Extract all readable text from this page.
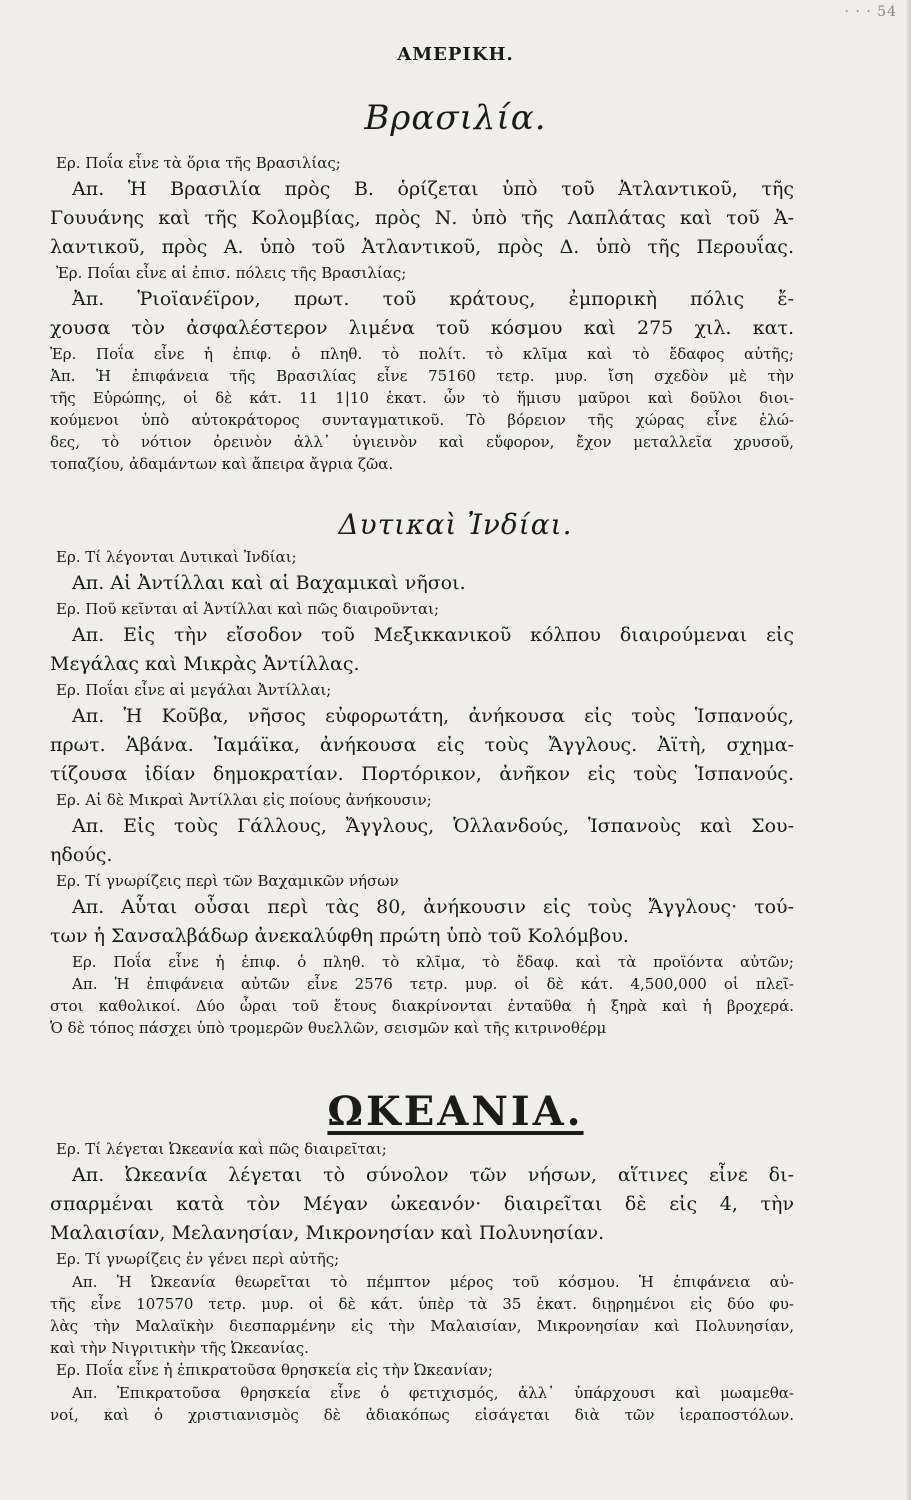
· · · 54
ΑΜΕΡΙΚΗ.
Βρασιλία.

Ερ. Ποΐα εἶνε τὰ ὅρια τῆς Βρασιλίας;

Απ. Ἡ Βρασιλία πρὸς Β. ὁρίζεται ὑπὸ τοῦ Ἀτλαντικοῦ, τῆς

Γουυάνης καὶ τῆς Κολομβίας, πρὸς Ν. ὑπὸ τῆς Λαπλάτας καὶ τοῦ Ἀ-

λαντικοῦ, πρὸς Α. ὑπὸ τοῦ Ἀτλαντικοῦ, πρὸς Δ. ὑπὸ τῆς Περουΐας.

Ἐρ. Ποΐαι εἶνε αἱ ἐπισ. πόλεις τῆς Βρασιλίας;

Ἀπ. Ῥιοϊανέϊρον, πρωτ. τοῦ κράτους, ἐμπορικὴ πόλις ἔ-

χουσα τὸν ἀσφαλέστερον λιμένα τοῦ κόσμου καὶ 275 χιλ. κατ.

Ἐρ. Ποΐα εἶνε ἡ ἐπιφ. ὁ πληθ. τὸ πολίτ. τὸ κλῖμα καὶ τὸ ἔδαφος αὐτῆς;

Ἀπ. Ἡ ἐπιφάνεια τῆς Βρασιλίας εἶνε 75160 τετρ. μυρ. ἴση σχεδὸν μὲ τὴν

τῆς Εὐρώπης, οἱ δὲ κάτ. 11 1|10 ἑκατ. ὧν τὸ ἥμισυ μαῦροι καὶ δοῦλοι διοι-

κούμενοι ὑπὸ αὐτοκράτορος συνταγματικοῦ. Τὸ βόρειον τῆς χώρας εἶνε ἑλώ-

δες, τὸ νότιον ὀρεινὸν ἀλλ᾽ ὑγιεινὸν καὶ εὔφορον, ἔχον μεταλλεῖα χρυσοῦ,

τοπαζίου, ἀδαμάντων καὶ ἄπειρα ἄγρια ζῶα.

Δυτικαὶ Ἰνδίαι.

Ερ. Τί λέγονται Δυτικαὶ Ἰνδίαι;

Απ. Αἱ Ἀντίλλαι καὶ αἱ Βαχαμικαὶ νῆσοι.

Ερ. Ποῦ κεῖνται αἱ Ἀντίλλαι καὶ πῶς διαιροῦνται;

Απ. Εἰς τὴν εἴσοδον τοῦ Μεξικκανικοῦ κόλπου διαιρούμεναι εἰς

Μεγάλας καὶ Μικρὰς Ἀντίλλας.

Ερ. Ποΐαι εἶνε αἱ μεγάλαι Ἀντίλλαι;

Απ. Ἡ Κοῦβα, νῆσος εὐφορωτάτη, ἀνήκουσα εἰς τοὺς Ἱσπανούς,

πρωτ. Ἁβάνα. Ἰαμάϊκα, ἀνήκουσα εἰς τοὺς Ἄγγλους. Ἀϊτὴ, σχημα-

τίζουσα ἰδίαν δημοκρατίαν. Πορτόρικον, ἀνῆκον εἰς τοὺς Ἱσπανούς.

Ερ. Αἱ δὲ Μικραὶ Ἀντίλλαι εἰς ποίους ἀνήκουσιν;

Απ. Εἰς τοὺς Γάλλους, Ἄγγλους, Ὁλλανδούς, Ἱσπανοὺς καὶ Σου-

ηδούς.

Ερ. Τί γνωρίζεις περὶ τῶν Βαχαμικῶν νήσων

Απ. Αὗται οὖσαι περὶ τὰς 80, ἀνήκουσιν εἰς τοὺς Ἄγγλους· τού-

των ἡ Σανσαλβάδωρ ἀνεκαλύφθη πρώτη ὑπὸ τοῦ Κολόμβου.

Ερ. Ποΐα εἶνε ἡ ἐπιφ. ὁ πληθ. τὸ κλῖμα, τὸ ἔδαφ. καὶ τὰ προϊόντα αὐτῶν;

Απ. Ἡ ἐπιφάνεια αὐτῶν εἶνε 2576 τετρ. μυρ. οἱ δὲ κάτ. 4,500,000 οἱ πλεῖ-

στοι καθολικοί. Δύο ὧραι τοῦ ἔτους διακρίνονται ἐνταῦθα ἡ ξηρὰ καὶ ἡ βροχερά.

Ὁ δὲ τόπος πάσχει ὑπὸ τρομερῶν θυελλῶν, σεισμῶν καὶ τῆς κιτρινοθέρμ

ΩΚΕΑΝΙΑ.

Ερ. Τί λέγεται Ὠκεανία καὶ πῶς διαιρεῖται;

Απ. Ὠκεανία λέγεται τὸ σύνολον τῶν νήσων, αἵτινες εἶνε δι-

σπαρμέναι κατὰ τὸν Μέγαν ὠκεανόν· διαιρεῖται δὲ εἰς 4, τὴν

Μαλαισίαν, Μελανησίαν, Μικρονησίαν καὶ Πολυνησίαν.

Ερ. Τί γνωρίζεις ἐν γένει περὶ αὐτῆς;

Απ. Ἡ Ὠκεανία θεωρεῖται τὸ πέμπτον μέρος τοῦ κόσμου. Ἡ ἐπιφάνεια αὐ-

τῆς εἶνε 107570 τετρ. μυρ. οἱ δὲ κάτ. ὑπὲρ τὰ 35 ἑκατ. διῃρημένοι εἰς δύο φυ-

λὰς τὴν Μαλαϊκὴν διεσπαρμένην εἰς τὴν Μαλαισίαν, Μικρονησίαν καὶ Πολυνησίαν,

καὶ τὴν Νιγριτικὴν τῆς Ὠκεανίας.

Ερ. Ποΐα εἶνε ἡ ἐπικρατοῦσα θρησκεία εἰς τὴν Ὠκεανίαν;

Απ. Ἐπικρατοῦσα θρησκεία εἶνε ὁ φετιχισμός, ἀλλ᾽ ὑπάρχουσι καὶ μωαμεθα-

νοί, καὶ ὁ χριστιανισμὸς δὲ ἀδιακόπως εἰσάγεται διὰ τῶν ἱεραποστόλων.
